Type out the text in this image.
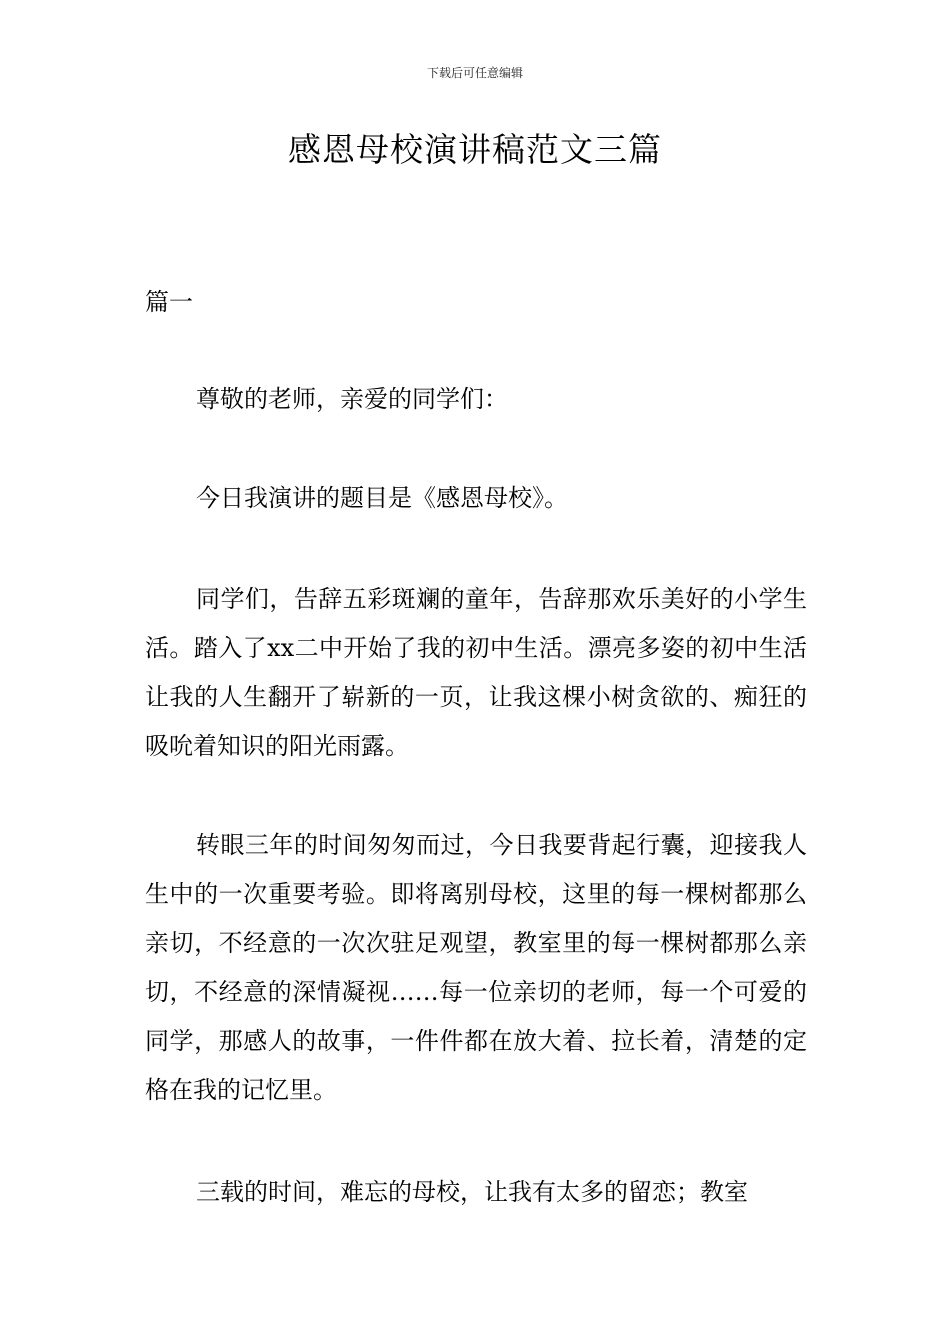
下载后可任意编辑
感恩母校演讲稿范文三篇

篇一

尊敬的老师，亲爱的同学们：

今日我演讲的题目是《感恩母校》。

同学们，告辞五彩斑斓的童年，告辞那欢乐美好的小学生活。踏入了xx二中开始了我的初中生活。漂亮多姿的初中生活让我的人生翻开了崭新的一页，让我这棵小树贪欲的、痴狂的吸吮着知识的阳光雨露。

转眼三年的时间匆匆而过，今日我要背起行囊，迎接我人生中的一次重要考验。即将离别母校，这里的每一棵树都那么亲切，不经意的一次次驻足观望，教室里的每一棵树都那么亲切，不经意的深情凝视……每一位亲切的老师，每一个可爱的同学，那感人的故事，一件件都在放大着、拉长着，清楚的定格在我的记忆里。

三载的时间，难忘的母校，让我有太多的留恋；教室
